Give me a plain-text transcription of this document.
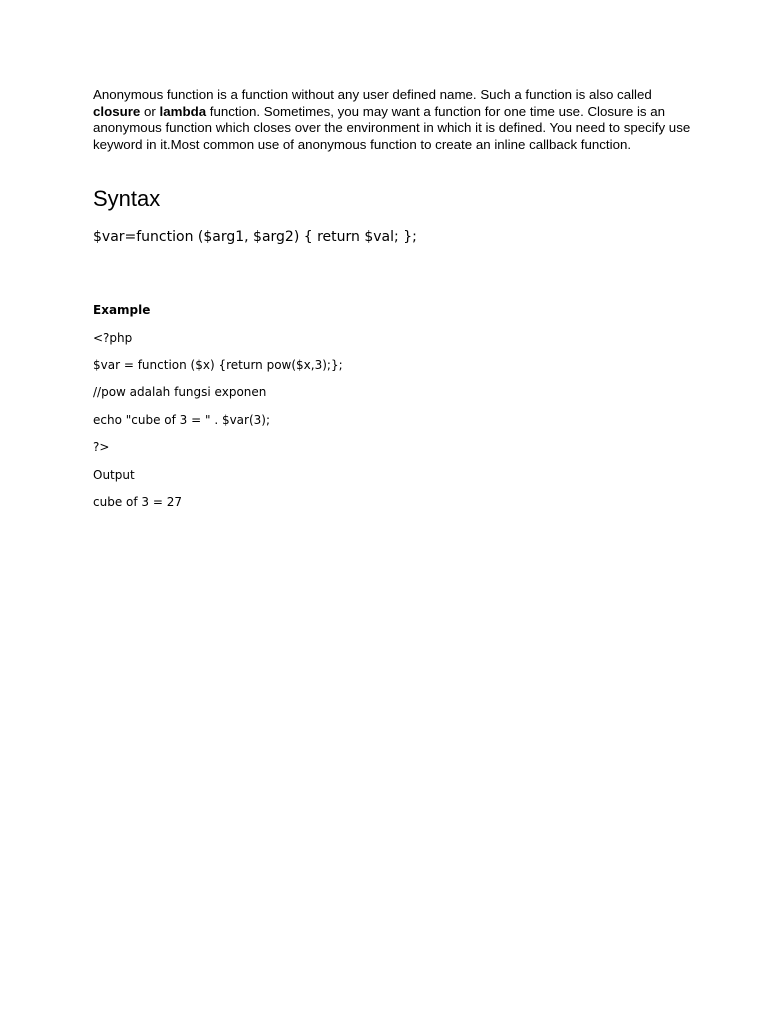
Anonymous function is a function without any user defined name. Such a function is also called closure or lambda function. Sometimes, you may want a function for one time use. Closure is an anonymous function which closes over the environment in which it is defined. You need to specify use keyword in it.Most common use of anonymous function to create an inline callback function.

Syntax

$var=function ($arg1, $arg2) { return $val; };

Example

<?php

$var = function ($x) {return pow($x,3);};

//pow adalah fungsi exponen

echo "cube of 3 = " . $var(3);

?>

Output

cube of 3 = 27
